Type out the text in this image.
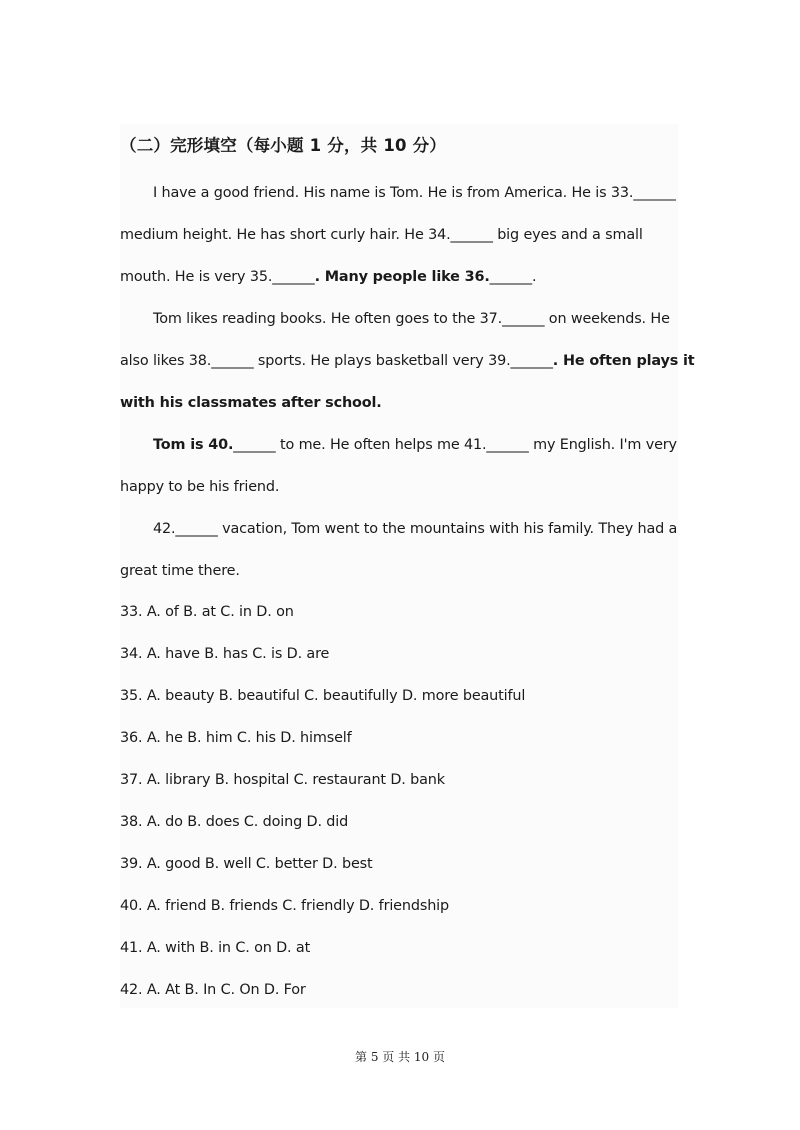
（二）完形填空（每小题 1 分，共 10 分）
I have a good friend. His name is Tom. He is from America. He is 33.______
medium height. He has short curly hair. He 34.______ big eyes and a small
mouth. He is very 35.______. Many people like 36.______.
Tom likes reading books. He often goes to the 37.______ on weekends. He
also likes 38.______ sports. He plays basketball very 39.______. He often plays it
with his classmates after school.
Tom is 40.______ to me. He often helps me 41.______ my English. I'm very
happy to be his friend.
42.______ vacation, Tom went to the mountains with his family. They had a
great time there.
33. A. of B. at C. in D. on
34. A. have B. has C. is D. are
35. A. beauty B. beautiful C. beautifully D. more beautiful
36. A. he B. him C. his D. himself
37. A. library B. hospital C. restaurant D. bank
38. A. do B. does C. doing D. did
39. A. good B. well C. better D. best
40. A. friend B. friends C. friendly D. friendship
41. A. with B. in C. on D. at
42. A. At B. In C. On D. For
第 5 页 共 10 页
